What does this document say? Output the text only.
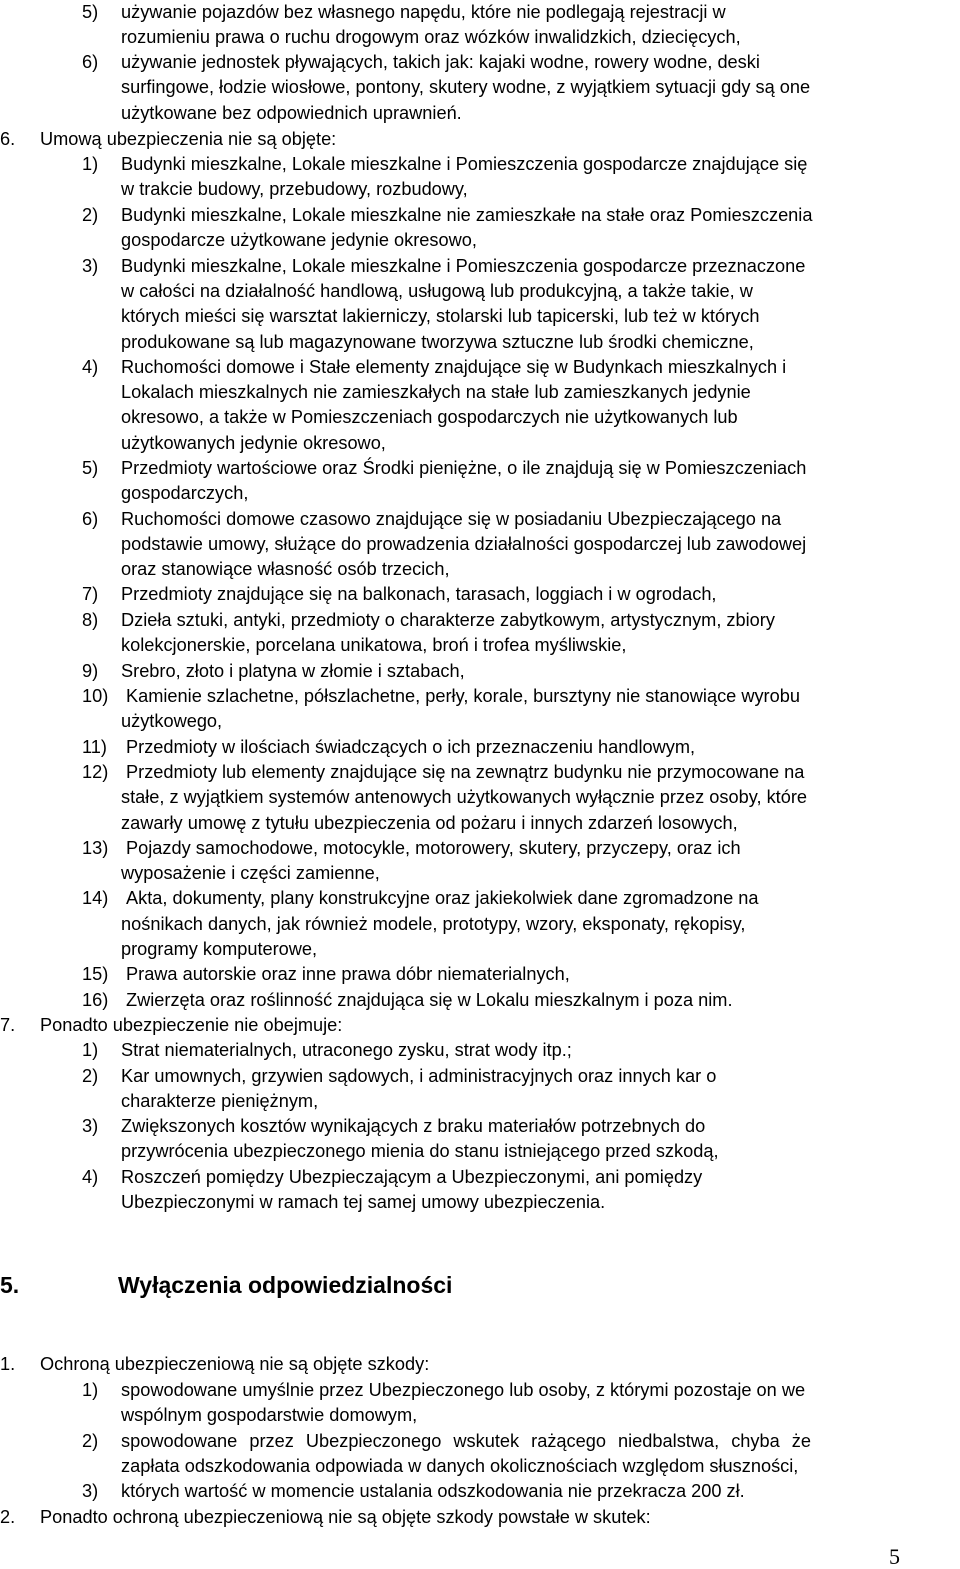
5) używanie pojazdów bez własnego napędu, które nie podlegają rejestracji w

rozumieniu prawa o ruchu drogowym oraz wózków inwalidzkich, dziecięcych,

6) używanie jednostek pływających, takich jak: kajaki wodne, rowery wodne, deski

surfingowe, łodzie wiosłowe, pontony, skutery wodne, z wyjątkiem sytuacji gdy są one

użytkowane bez odpowiednich uprawnień.

6. Umową ubezpieczenia nie są objęte:

1) Budynki mieszkalne, Lokale mieszkalne i Pomieszczenia gospodarcze znajdujące się

w trakcie budowy, przebudowy, rozbudowy,

2) Budynki mieszkalne, Lokale mieszkalne nie zamieszkałe na stałe oraz Pomieszczenia

gospodarcze użytkowane jedynie okresowo,

3) Budynki mieszkalne, Lokale mieszkalne i Pomieszczenia gospodarcze przeznaczone

w całości na działalność handlową, usługową lub produkcyjną, a także takie, w

których mieści się warsztat lakierniczy, stolarski lub tapicerski, lub też w których

produkowane są lub magazynowane tworzywa sztuczne lub środki chemiczne,

4) Ruchomości domowe i Stałe elementy znajdujące się w Budynkach mieszkalnych i

Lokalach mieszkalnych nie zamieszkałych na stałe lub zamieszkanych jedynie

okresowo, a także w Pomieszczeniach gospodarczych nie użytkowanych lub

użytkowanych jedynie okresowo,

5) Przedmioty wartościowe oraz Środki pieniężne, o ile znajdują się w Pomieszczeniach

gospodarczych,

6) Ruchomości domowe czasowo znajdujące się w posiadaniu Ubezpieczającego na

podstawie umowy, służące do prowadzenia działalności gospodarczej lub zawodowej

oraz stanowiące własność osób trzecich,

7) Przedmioty znajdujące się na balkonach, tarasach, loggiach i w ogrodach,

8) Dzieła sztuki, antyki, przedmioty o charakterze zabytkowym, artystycznym, zbiory

kolekcjonerskie, porcelana unikatowa, broń i trofea myśliwskie,

9) Srebro, złoto i platyna w złomie i sztabach,

10) Kamienie szlachetne, półszlachetne, perły, korale, bursztyny nie stanowiące wyrobu

użytkowego,

11) Przedmioty w ilościach świadczących o ich przeznaczeniu handlowym,

12) Przedmioty lub elementy znajdujące się na zewnątrz budynku nie przymocowane na

stałe, z wyjątkiem systemów antenowych użytkowanych wyłącznie przez osoby, które

zawarły umowę z tytułu ubezpieczenia od pożaru i innych zdarzeń losowych,

13) Pojazdy samochodowe, motocykle, motorowery, skutery, przyczepy, oraz ich

wyposażenie i części zamienne,

14) Akta, dokumenty, plany konstrukcyjne oraz jakiekolwiek dane zgromadzone na

nośnikach danych, jak również modele, prototypy, wzory, eksponaty, rękopisy,

programy komputerowe,

15) Prawa autorskie oraz inne prawa dóbr niematerialnych,

16) Zwierzęta oraz roślinność znajdująca się w Lokalu mieszkalnym i poza nim.

7. Ponadto ubezpieczenie nie obejmuje:

1) Strat niematerialnych, utraconego zysku, strat wody itp.;

2) Kar umownych, grzywien sądowych, i administracyjnych oraz innych kar o

charakterze pieniężnym,

3) Zwiększonych kosztów wynikających z braku materiałów potrzebnych do

przywrócenia ubezpieczonego mienia do stanu istniejącego przed szkodą,

4) Roszczeń pomiędzy Ubezpieczającym a Ubezpieczonymi, ani pomiędzy

Ubezpieczonymi w ramach tej samej umowy ubezpieczenia.

5.	Wyłączenia odpowiedzialności

1. Ochroną ubezpieczeniową nie są objęte szkody:

1) spowodowane umyślnie przez Ubezpieczonego lub osoby, z którymi pozostaje on we

wspólnym gospodarstwie domowym,

2) spowodowane przez Ubezpieczonego wskutek rażącego niedbalstwa, chyba że

zapłata odszkodowania odpowiada w danych okolicznościach względom słuszności,

3) których wartość w momencie ustalania odszkodowania nie przekracza 200 zł.

2. Ponadto ochroną ubezpieczeniową nie są objęte szkody powstałe w skutek:

5
